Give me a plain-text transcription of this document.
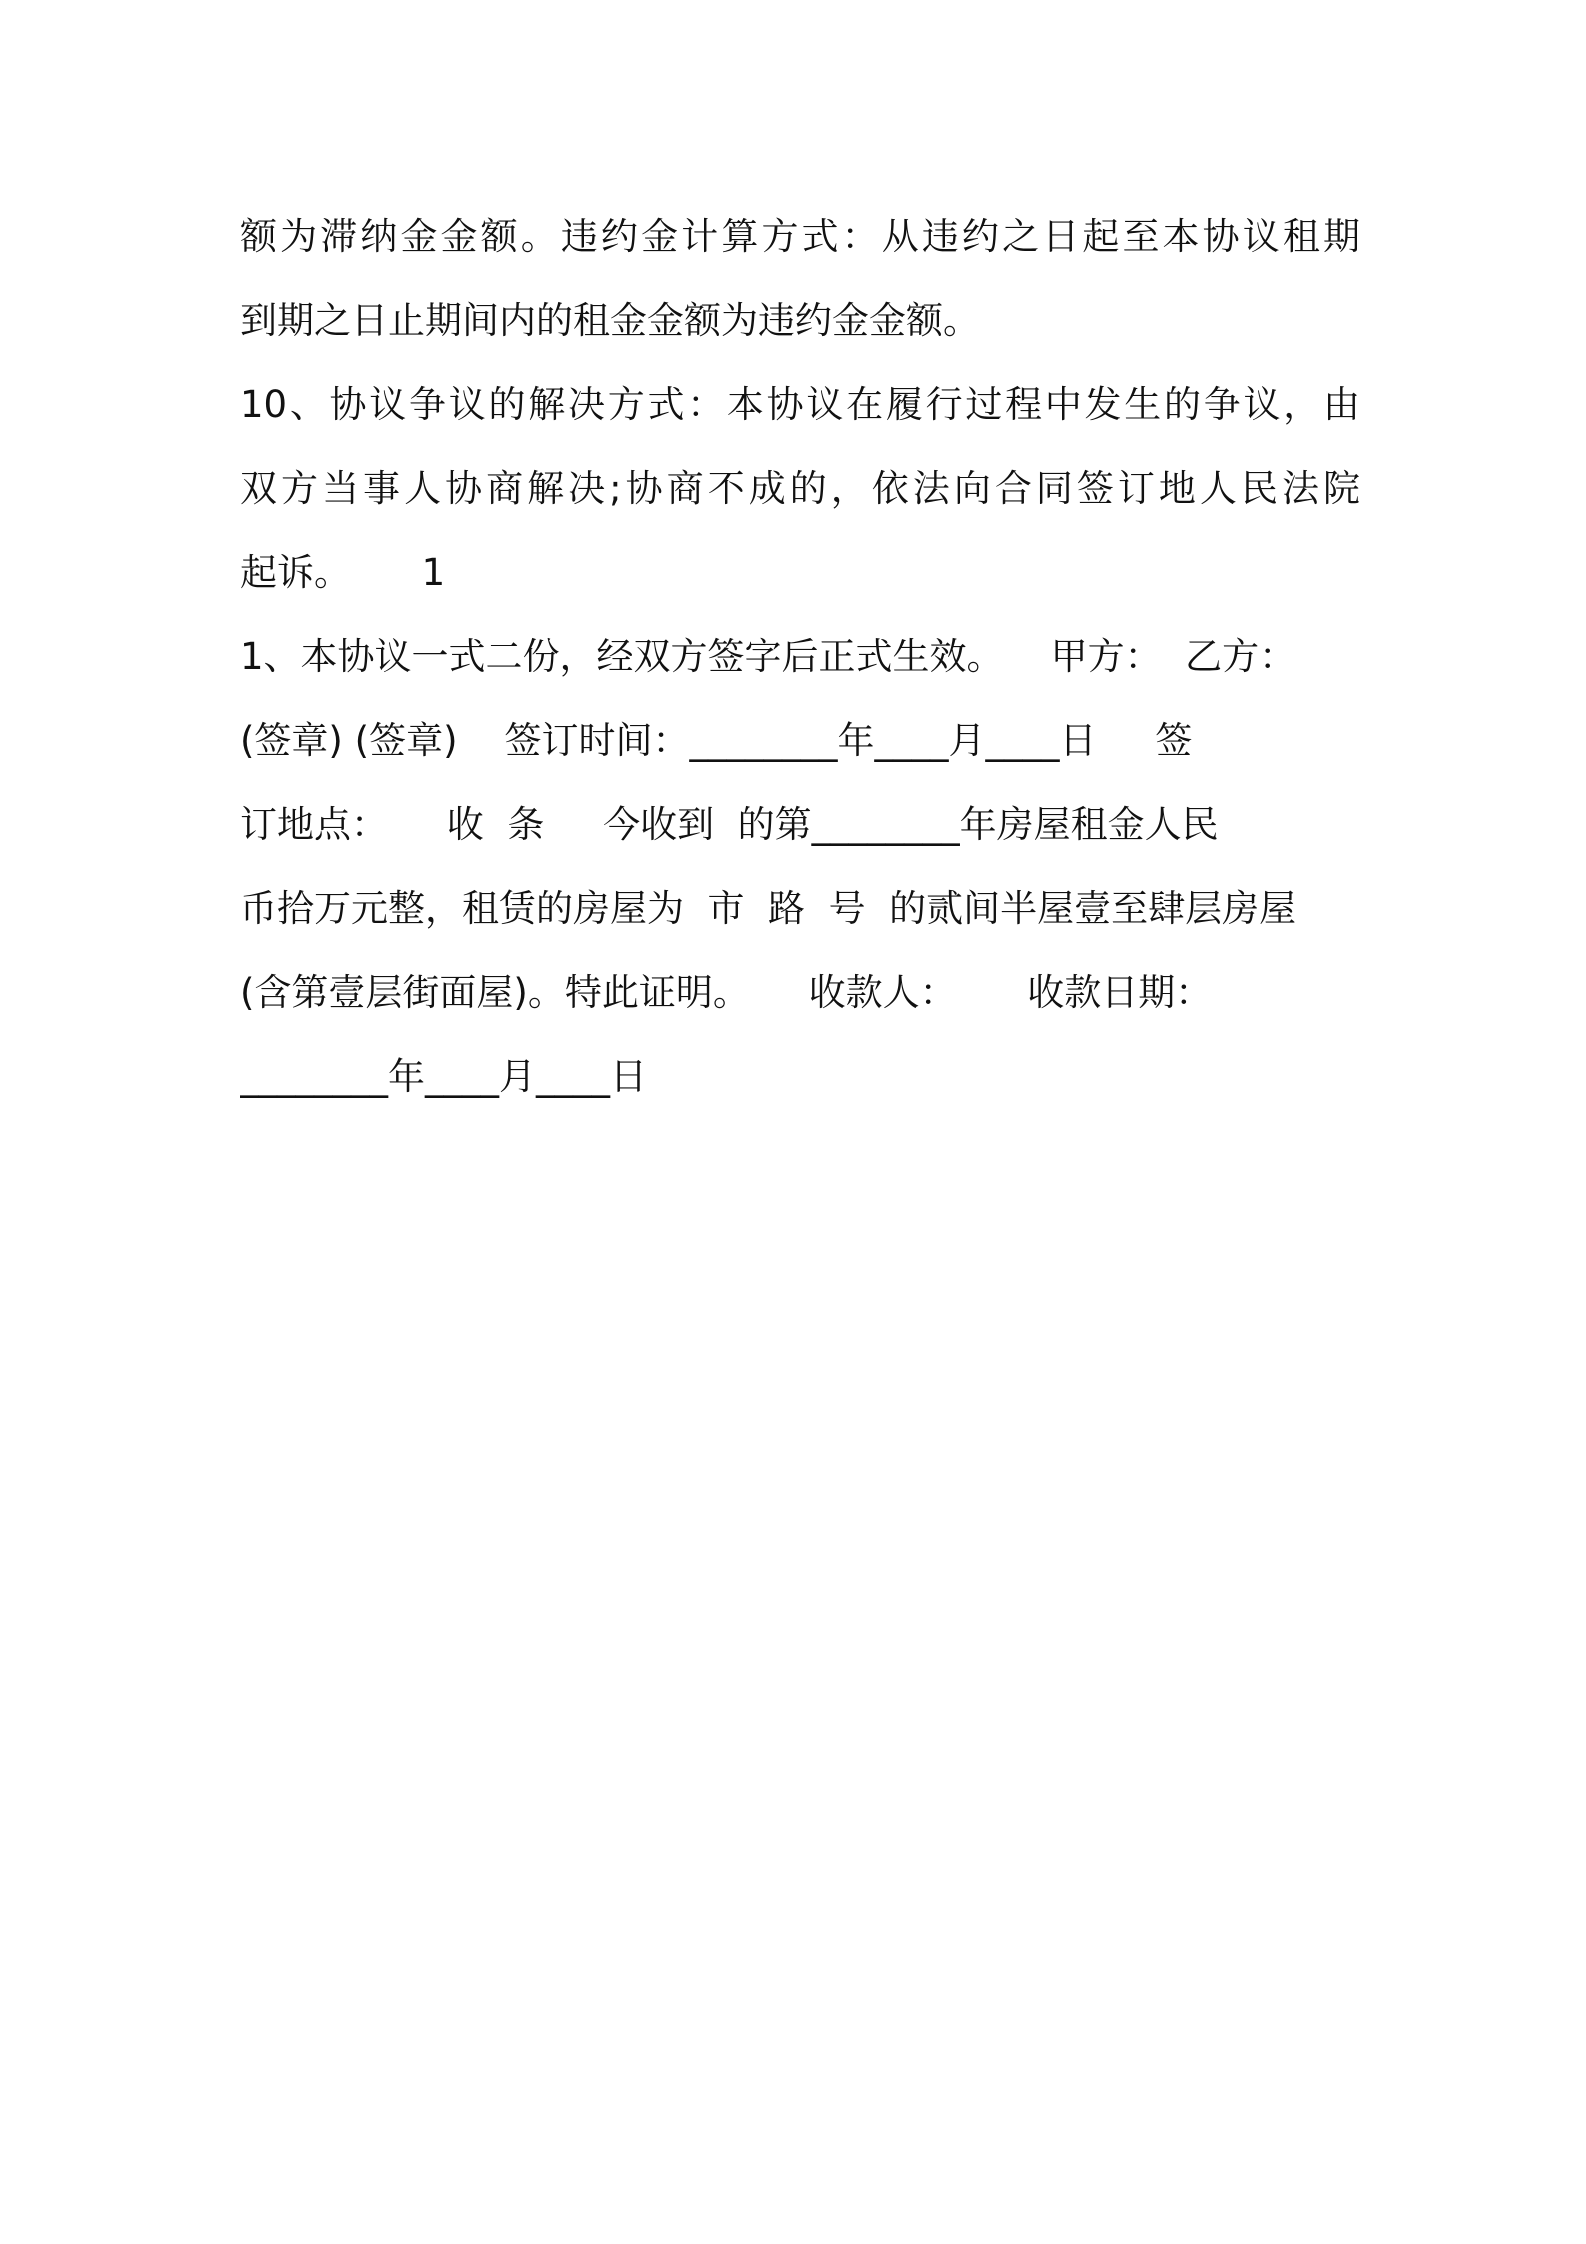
额为滞纳金金额。违约金计算方式：从违约之日起至本协议租期
到期之日止期间内的租金金额为违约金金额。
10、协议争议的解决方式：本协议在履行过程中发生的争议，由
双方当事人协商解决;协商不成的，依法向合同签订地人民法院
起诉。      1
1、本协议一式二份，经双方签字后正式生效。    甲方：  乙方：
(签章) (签章)    签订时间：________年____月____日     签
订地点：     收  条     今收到  的第________年房屋租金人民
币拾万元整，租赁的房屋为  市  路  号  的贰间半屋壹至肆层房屋
(含第壹层街面屋)。特此证明。     收款人：      收款日期：
________年____月____日
